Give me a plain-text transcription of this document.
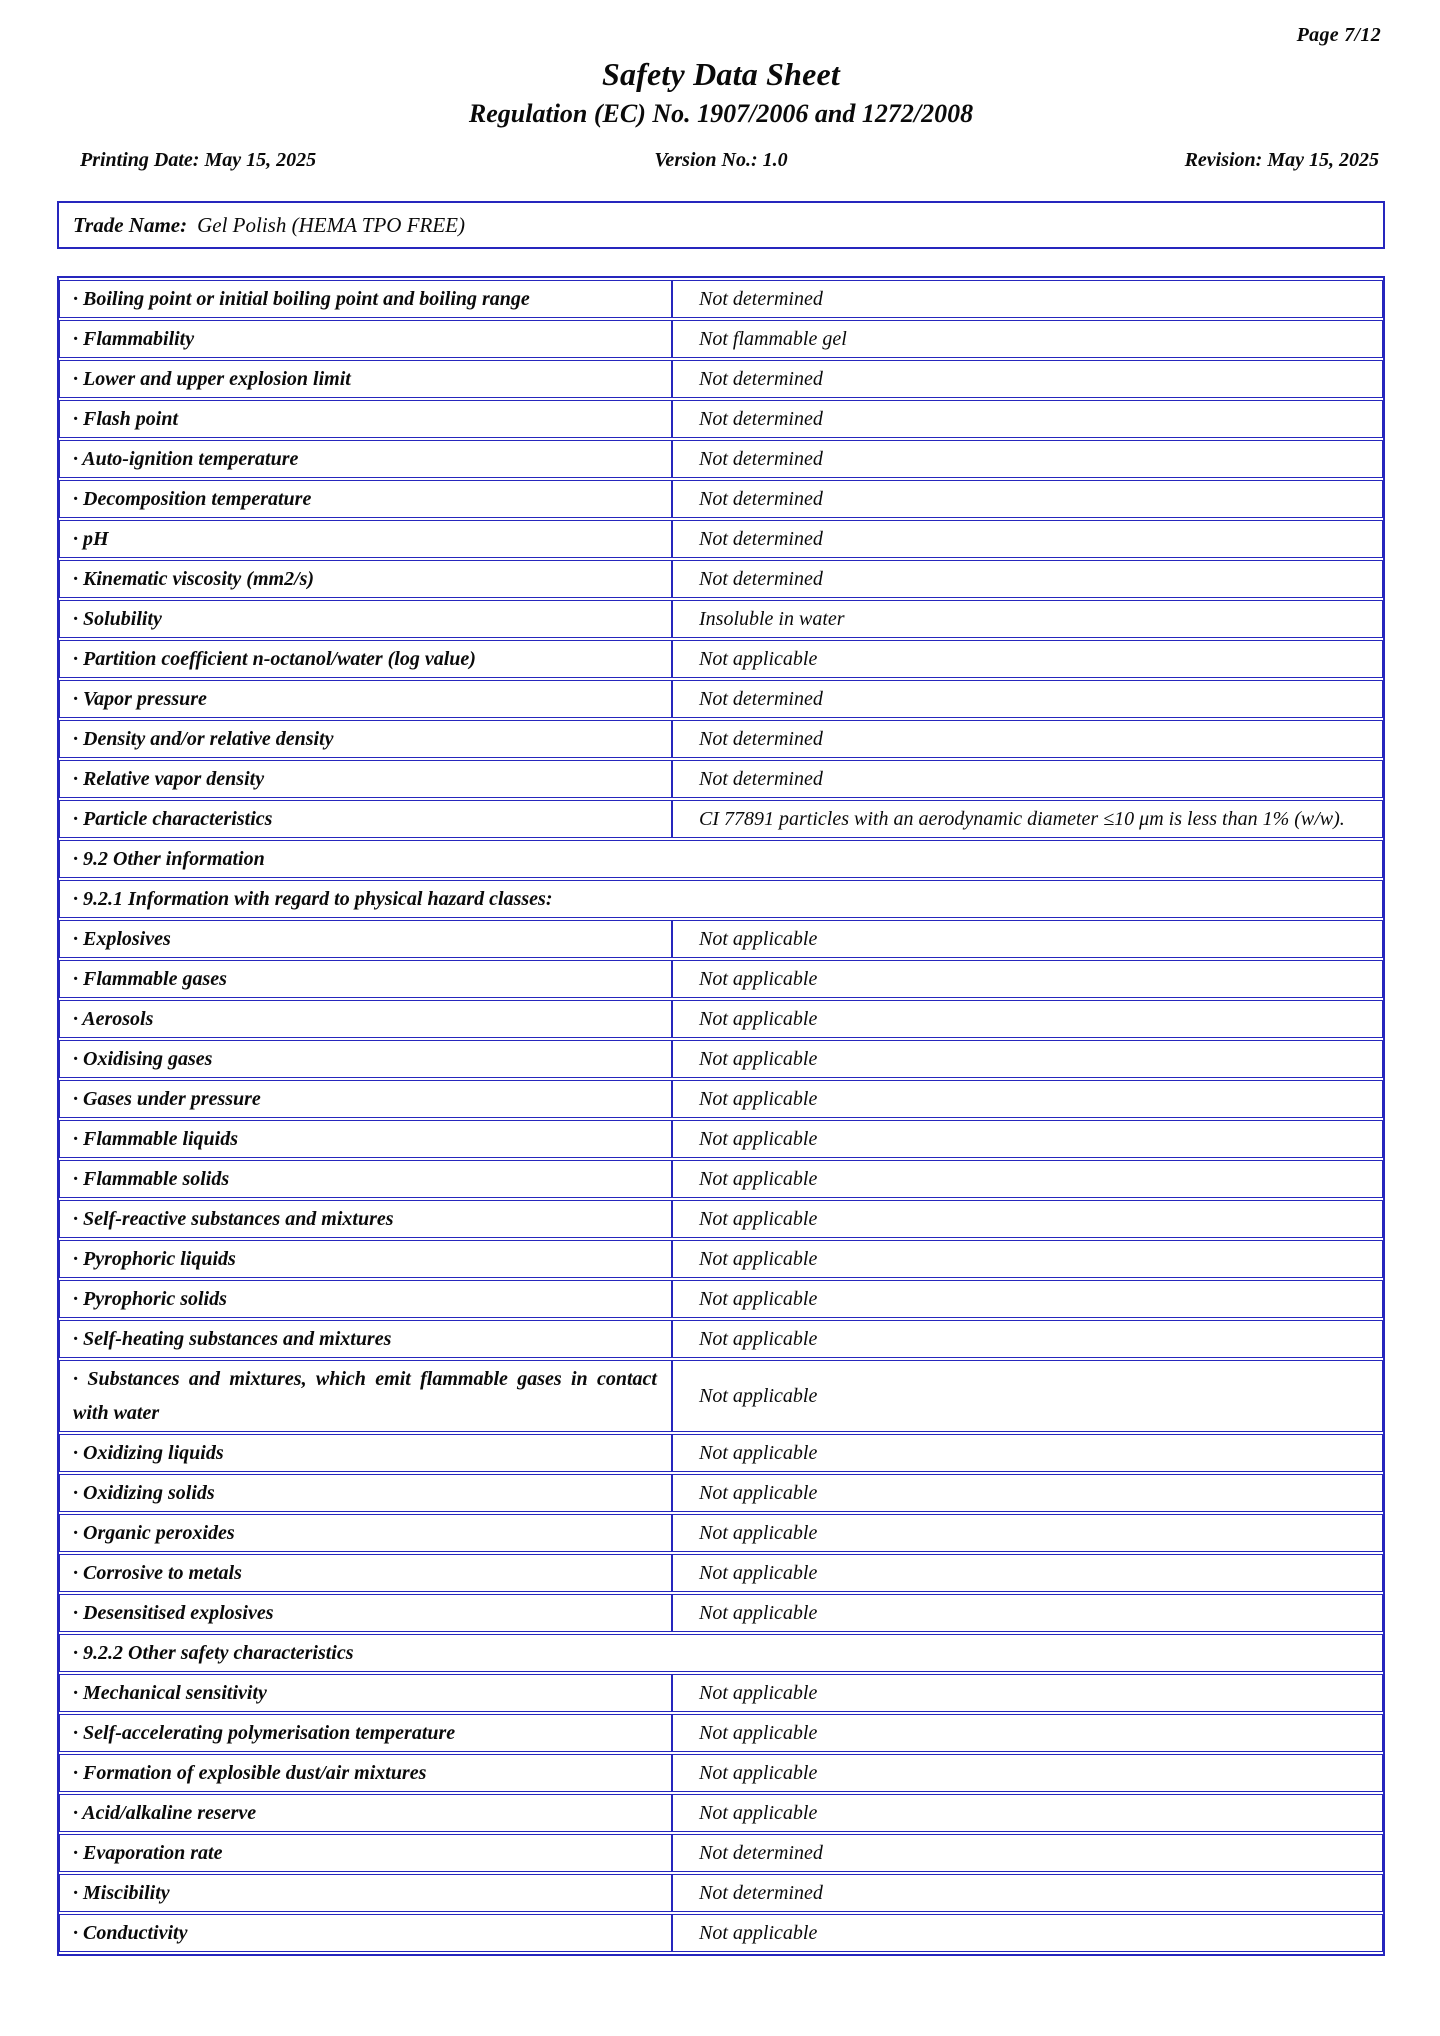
Page 7/12
Safety Data Sheet
Regulation (EC) No. 1907/2006 and 1272/2008
Printing Date: May 15, 2025	Version No.: 1.0	Revision: May 15, 2025
Trade Name: Gel Polish (HEMA TPO FREE)
· Boiling point or initial boiling point and boiling range	Not determined
· Flammability	Not flammable gel
· Lower and upper explosion limit	Not determined
· Flash point	Not determined
· Auto-ignition temperature	Not determined
· Decomposition temperature	Not determined
· pH	Not determined
· Kinematic viscosity (mm2/s)	Not determined
· Solubility	Insoluble in water
· Partition coefficient n-octanol/water (log value)	Not applicable
· Vapor pressure	Not determined
· Density and/or relative density	Not determined
· Relative vapor density	Not determined
· Particle characteristics	CI 77891 particles with an aerodynamic diameter ≤10 μm is less than 1% (w/w).
· 9.2 Other information	
· 9.2.1 Information with regard to physical hazard classes:	
· Explosives	Not applicable
· Flammable gases	Not applicable
· Aerosols	Not applicable
· Oxidising gases	Not applicable
· Gases under pressure	Not applicable
· Flammable liquids	Not applicable
· Flammable solids	Not applicable
· Self-reactive substances and mixtures	Not applicable
· Pyrophoric liquids	Not applicable
· Pyrophoric solids	Not applicable
· Self-heating substances and mixtures	Not applicable
· Substances and mixtures, which emit flammable gases in contact with water	Not applicable
· Oxidizing liquids	Not applicable
· Oxidizing solids	Not applicable
· Organic peroxides	Not applicable
· Corrosive to metals	Not applicable
· Desensitised explosives	Not applicable
· 9.2.2 Other safety characteristics	
· Mechanical sensitivity	Not applicable
· Self-accelerating polymerisation temperature	Not applicable
· Formation of explosible dust/air mixtures	Not applicable
· Acid/alkaline reserve	Not applicable
· Evaporation rate	Not determined
· Miscibility	Not determined
· Conductivity	Not applicable
